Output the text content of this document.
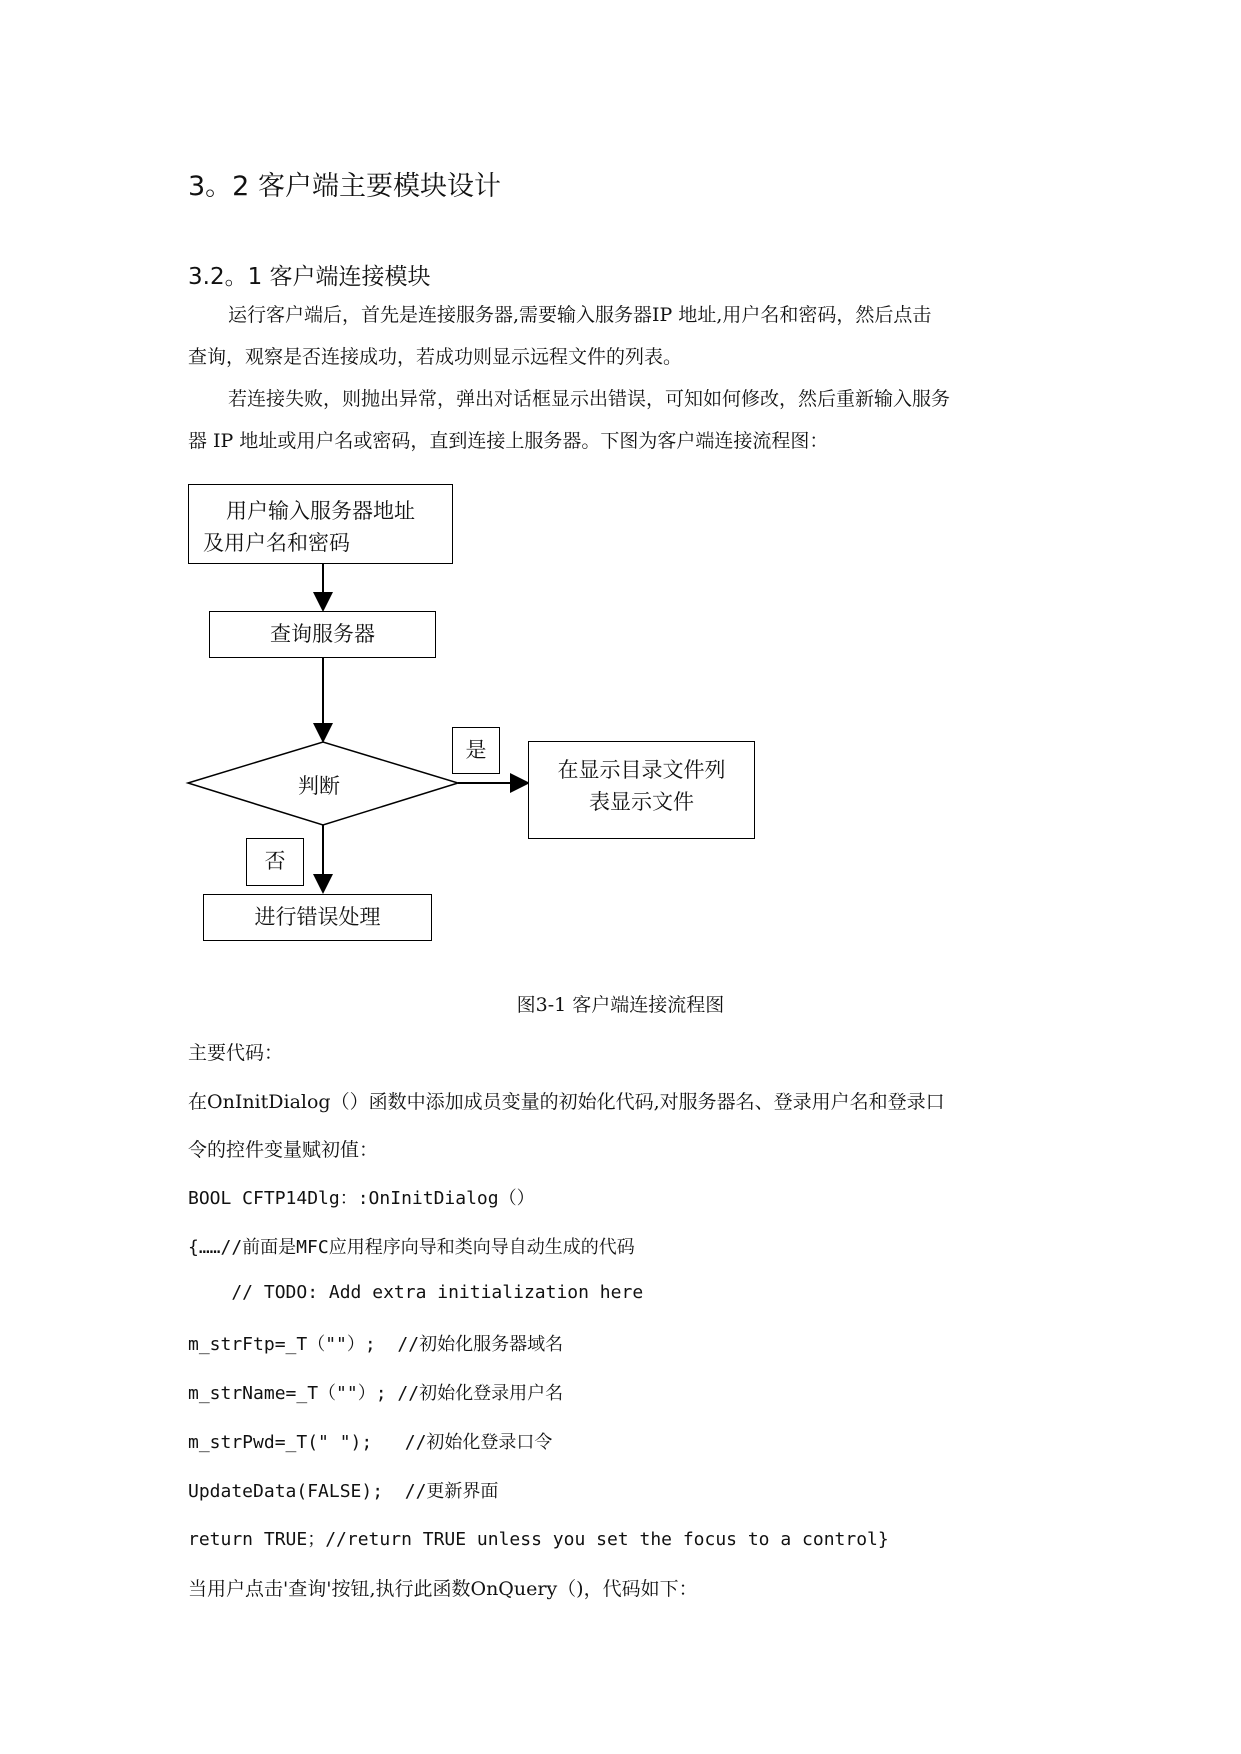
3。2 客户端主要模块设计
3.2。1 客户端连接模块
运行客户端后，首先是连接服务器,需要输入服务器IP 地址,用户名和密码，然后点击
查询，观察是否连接成功，若成功则显示远程文件的列表。
若连接失败，则抛出异常，弹出对话框显示出错误，可知如何修改，然后重新输入服务
器 IP 地址或用户名或密码，直到连接上服务器。下图为客户端连接流程图：
用户输入服务器地址
及用户名和密码
查询服务器
判断
是
在显示目录文件列
表显示文件
否
进行错误处理
图3-1 客户端连接流程图
主要代码：
在OnInitDialog（）函数中添加成员变量的初始化代码,对服务器名、登录用户名和登录口
令的控件变量赋初值：
BOOL CFTP14Dlg：:OnInitDialog（）
{……//前面是MFC应用程序向导和类向导自动生成的代码
// TODO: Add extra initialization here
m_strFtp=_T（""）;  //初始化服务器域名
m_strName=_T（""）; //初始化登录用户名
m_strPwd=_T(" ");   //初始化登录口令
UpdateData(FALSE);  //更新界面
return TRUE；//return TRUE unless you set the focus to a control}
当用户点击'查询'按钮,执行此函数OnQuery（)，代码如下：
